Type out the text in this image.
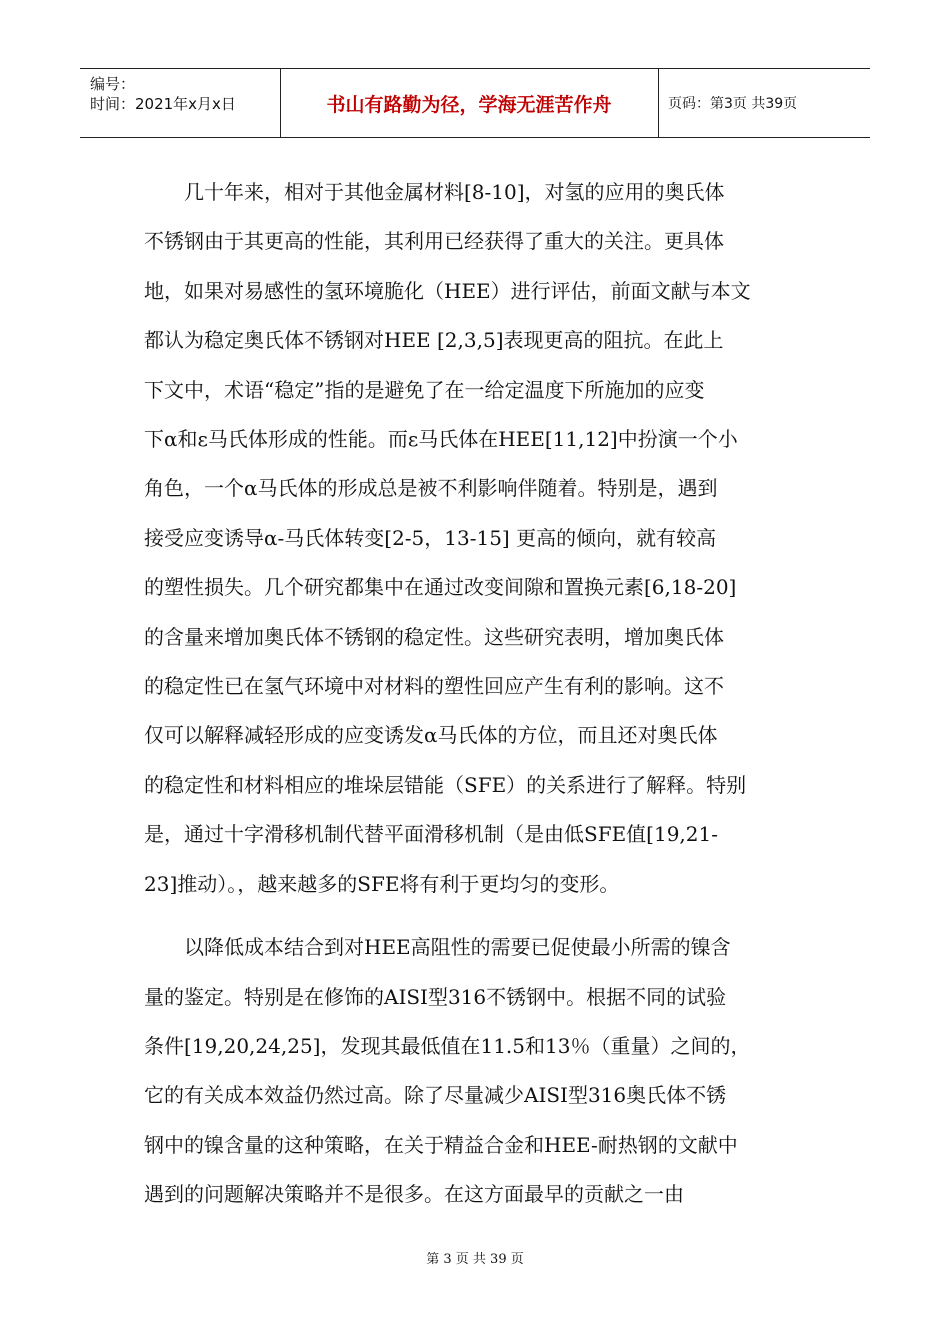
编号：
时间：2021年x月x日	书山有路勤为径，学海无涯苦作舟	页码：第3页 共39页

　　几十年来，相对于其他金属材料[8-10]，对氢的应用的奥氏体
不锈钢由于其更高的性能，其利用已经获得了重大的关注。更具体
地，如果对易感性的氢环境脆化（HEE）进行评估，前面文献与本文
都认为稳定奥氏体不锈钢对HEE [2,3,5]表现更高的阻抗。在此上
下文中，术语“稳定”指的是避免了在一给定温度下所施加的应变
下α和ε马氏体形成的性能。而ε马氏体在HEE[11,12]中扮演一个小
角色，一个α马氏体的形成总是被不利影响伴随着。特别是，遇到
接受应变诱导α-马氏体转变[2-5，13-15] 更高的倾向，就有较高
的塑性损失。几个研究都集中在通过改变间隙和置换元素[6,18-20]
的含量来增加奥氏体不锈钢的稳定性。这些研究表明，增加奥氏体
的稳定性已在氢气环境中对材料的塑性回应产生有利的影响。这不
仅可以解释减轻形成的应变诱发α马氏体的方位，而且还对奥氏体
的稳定性和材料相应的堆垛层错能（SFE）的关系进行了解释。特别
是，通过十字滑移机制代替平面滑移机制（是由低SFE值[19,21-
23]推动）。，越来越多的SFE将有利于更均匀的变形。

　　以降低成本结合到对HEE高阻性的需要已促使最小所需的镍含
量的鉴定。特别是在修饰的AISI型316不锈钢中。根据不同的试验
条件[19,20,24,25]，发现其最低值在11.5和13％（重量）之间的，
它的有关成本效益仍然过高。除了尽量减少AISI型316奥氏体不锈
钢中的镍含量的这种策略，在关于精益合金和HEE-耐热钢的文献中
遇到的问题解决策略并不是很多。在这方面最早的贡献之一由

第 3 页 共 39 页
